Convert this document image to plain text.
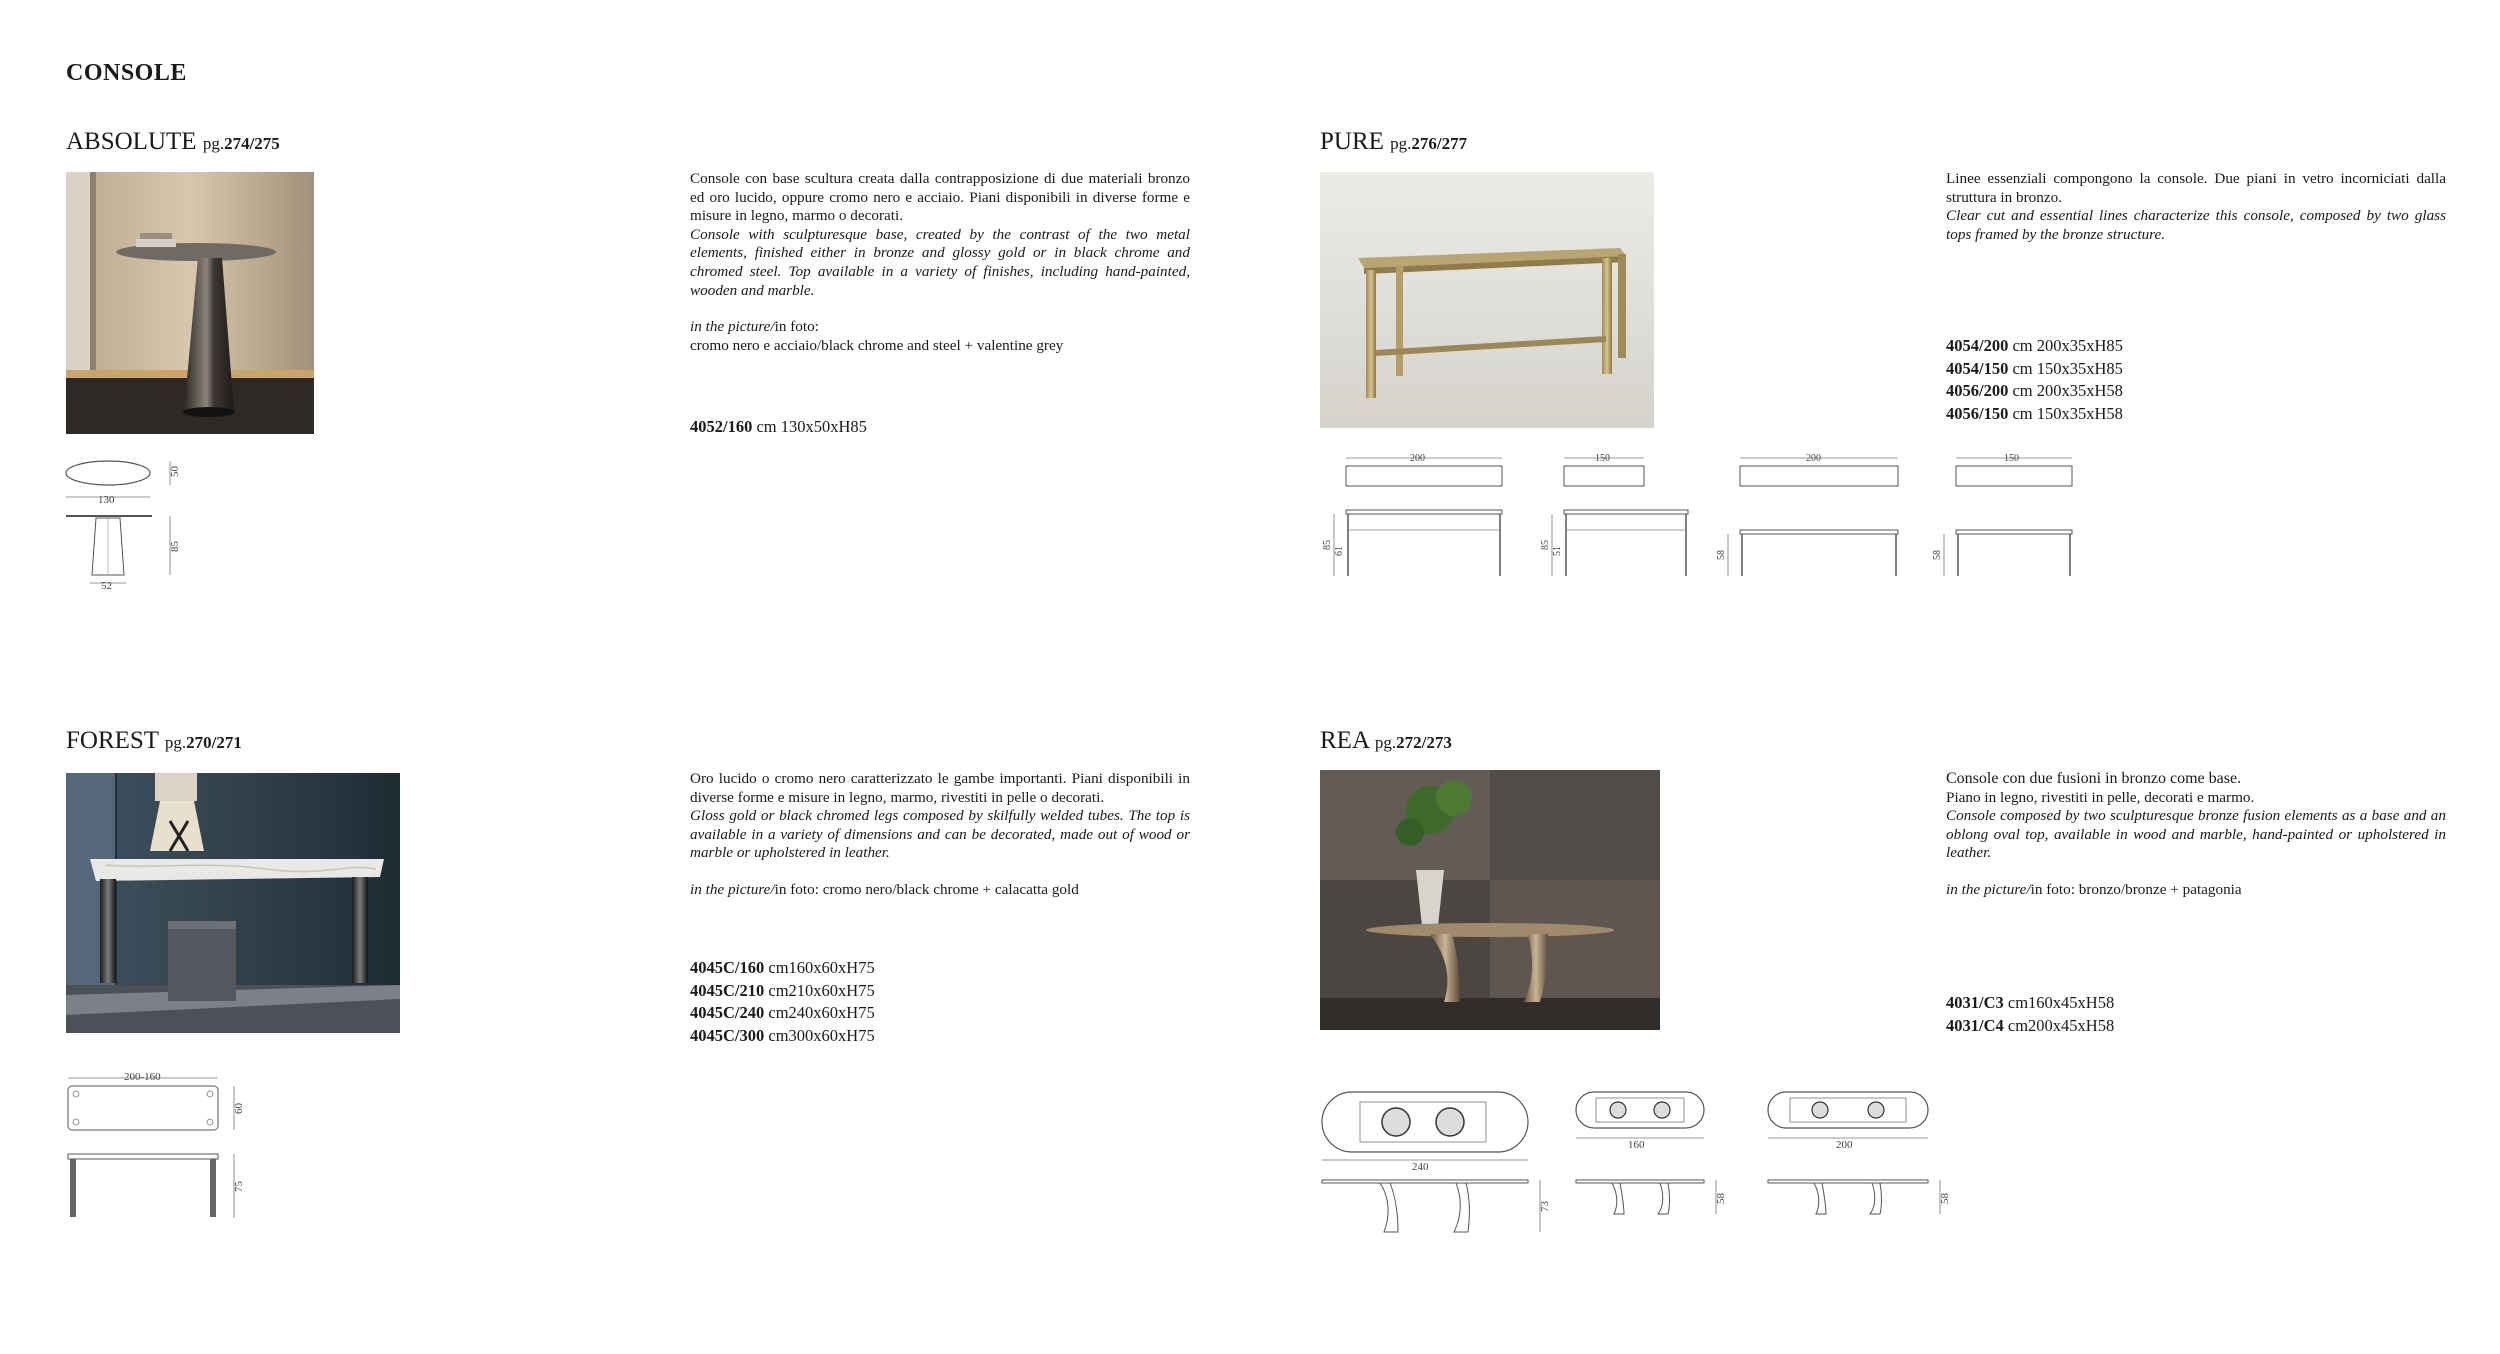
CONSOLE
ABSOLUTE pg.274/275
50
130
85
52

Console con base scultura creata dalla contrapposizione di due materiali bronzo ed oro lucido, oppure cromo nero e acciaio. Piani disponibili in diverse forme e misure in legno, marmo o decorati.

Console with sculpturesque base, created by the contrast of the two metal elements, finished either in bronze and glossy gold or in black chrome and chromed steel. Top available in a variety of finishes, including hand-painted, wooden and marble.

in the picture/in foto:

cromo nero e acciaio/black chrome and steel + valentine grey

4052/160 cm 130x50xH85
PURE pg.276/277
200
85
61
150
85
51
200
58
150
58

Linee essenziali compongono la console. Due piani in vetro incorniciati dalla struttura in bronzo.

Clear cut and essential lines characterize this console, composed by two glass tops framed by the bronze structure.

4054/200 cm 200x35xH85
4054/150 cm 150x35xH85
4056/200 cm 200x35xH58
4056/150 cm 150x35xH58
FOREST pg.270/271
200-160
60
75

Oro lucido o cromo nero caratterizzato le gambe importanti. Piani disponibili in diverse forme e misure in legno, marmo, rivestiti in pelle o decorati.

Gloss gold or black chromed legs composed by skilfully welded tubes. The top is available in a variety of dimensions and can be decorated, made out of wood or marble or upholstered in leather.

in the picture/in foto: cromo nero/black chrome + calacatta gold

4045C/160 cm160x60xH75
4045C/210 cm210x60xH75
4045C/240 cm240x60xH75
4045C/300 cm300x60xH75
REA pg.272/273
240
73
160
58
200
58

Console con due fusioni in bronzo come base.

Piano in legno, rivestiti in pelle, decorati e marmo.

Console composed by two sculpturesque bronze fusion elements as a base and an oblong oval top, available in wood and marble, hand-painted or upholstered in leather.

in the picture/in foto: bronzo/bronze + patagonia

4031/C3 cm160x45xH58
4031/C4 cm200x45xH58
